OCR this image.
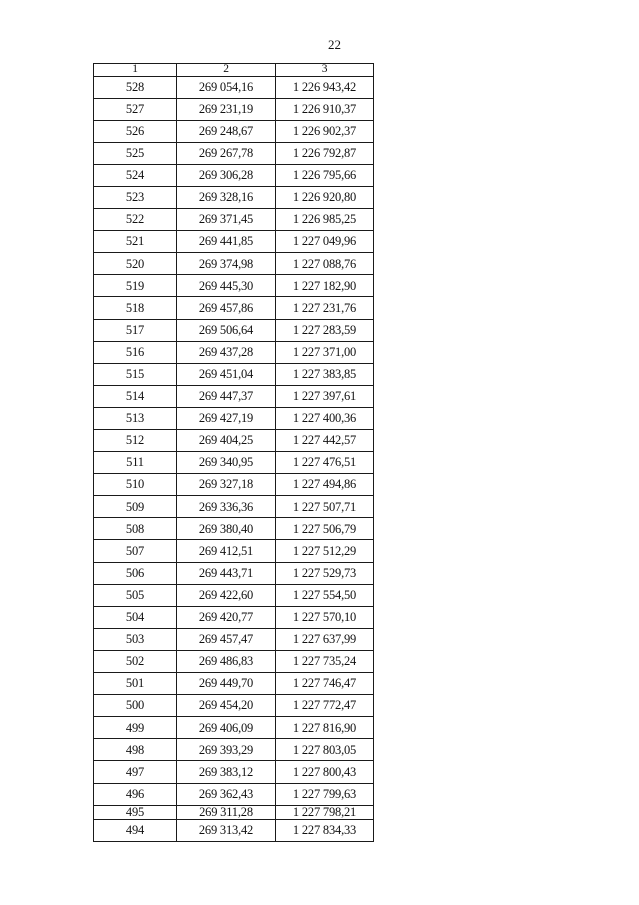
22
1	2	3
528	269 054,16	1 226 943,42
527	269 231,19	1 226 910,37
526	269 248,67	1 226 902,37
525	269 267,78	1 226 792,87
524	269 306,28	1 226 795,66
523	269 328,16	1 226 920,80
522	269 371,45	1 226 985,25
521	269 441,85	1 227 049,96
520	269 374,98	1 227 088,76
519	269 445,30	1 227 182,90
518	269 457,86	1 227 231,76
517	269 506,64	1 227 283,59
516	269 437,28	1 227 371,00
515	269 451,04	1 227 383,85
514	269 447,37	1 227 397,61
513	269 427,19	1 227 400,36
512	269 404,25	1 227 442,57
511	269 340,95	1 227 476,51
510	269 327,18	1 227 494,86
509	269 336,36	1 227 507,71
508	269 380,40	1 227 506,79
507	269 412,51	1 227 512,29
506	269 443,71	1 227 529,73
505	269 422,60	1 227 554,50
504	269 420,77	1 227 570,10
503	269 457,47	1 227 637,99
502	269 486,83	1 227 735,24
501	269 449,70	1 227 746,47
500	269 454,20	1 227 772,47
499	269 406,09	1 227 816,90
498	269 393,29	1 227 803,05
497	269 383,12	1 227 800,43
496	269 362,43	1 227 799,63
495	269 311,28	1 227 798,21
494	269 313,42	1 227 834,33
